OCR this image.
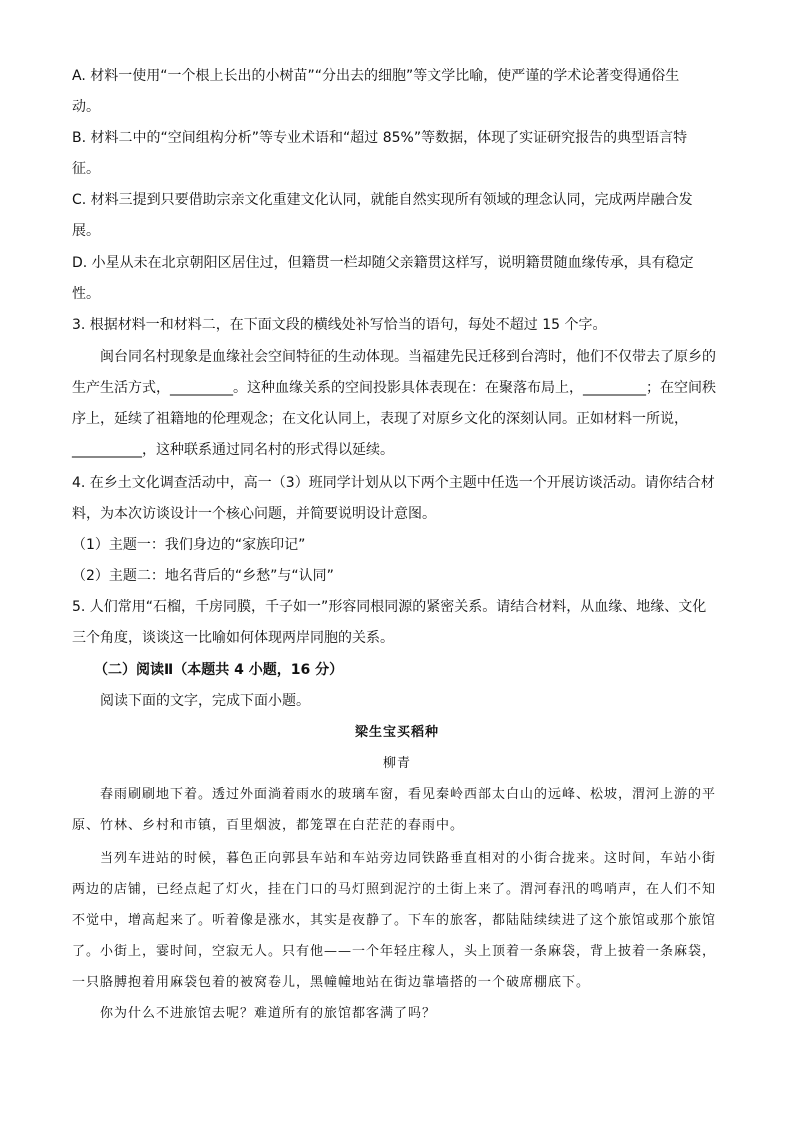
A. 材料一使用“一个根上长出的小树苗”“分出去的细胞”等文学比喻，使严谨的学术论著变得通俗生
动。
B. 材料二中的“空间组构分析”等专业术语和“超过 85%”等数据，体现了实证研究报告的典型语言特
征。
C. 材料三提到只要借助宗亲文化重建文化认同，就能自然实现所有领域的理念认同，完成两岸融合发
展。
D. 小星从未在北京朝阳区居住过，但籍贯一栏却随父亲籍贯这样写，说明籍贯随血缘传承，具有稳定
性。
3. 根据材料一和材料二，在下面文段的横线处补写恰当的语句，每处不超过 15 个字。
闽台同名村现象是血缘社会空间特征的生动体现。当福建先民迁移到台湾时，他们不仅带去了原乡的
生产生活方式，_________。这种血缘关系的空间投影具体表现在：在聚落布局上，_________；在空间秩
序上，延续了祖籍地的伦理观念；在文化认同上，表现了对原乡文化的深刻认同。正如材料一所说，
__________，这种联系通过同名村的形式得以延续。
4. 在乡土文化调查活动中，高一（3）班同学计划从以下两个主题中任选一个开展访谈活动。请你结合材
料，为本次访谈设计一个核心问题，并简要说明设计意图。
（1）主题一：我们身边的“家族印记”
（2）主题二：地名背后的“乡愁”与“认同”
5. 人们常用“石榴，千房同膜，千子如一”形容同根同源的紧密关系。请结合材料，从血缘、地缘、文化
三个角度，谈谈这一比喻如何体现两岸同胞的关系。
（二）阅读Ⅱ（本题共 4 小题，16 分）
阅读下面的文字，完成下面小题。
梁生宝买稻种
柳青
春雨刷刷地下着。透过外面淌着雨水的玻璃车窗，看见秦岭西部太白山的远峰、松坡，渭河上游的平
原、竹林、乡村和市镇，百里烟波，都笼罩在白茫茫的春雨中。
当列车进站的时候，暮色正向郭县车站和车站旁边同铁路垂直相对的小街合拢来。这时间，车站小街
两边的店铺，已经点起了灯火，挂在门口的马灯照到泥泞的土街上来了。渭河春汛的鸣哨声，在人们不知
不觉中，增高起来了。听着像是涨水，其实是夜静了。下车的旅客，都陆陆续续进了这个旅馆或那个旅馆
了。小街上，霎时间，空寂无人。只有他——一个年轻庄稼人，头上顶着一条麻袋，背上披着一条麻袋，
一只胳膊抱着用麻袋包着的被窝卷儿，黑幢幢地站在街边靠墙搭的一个破席棚底下。
你为什么不进旅馆去呢？难道所有的旅馆都客满了吗？
